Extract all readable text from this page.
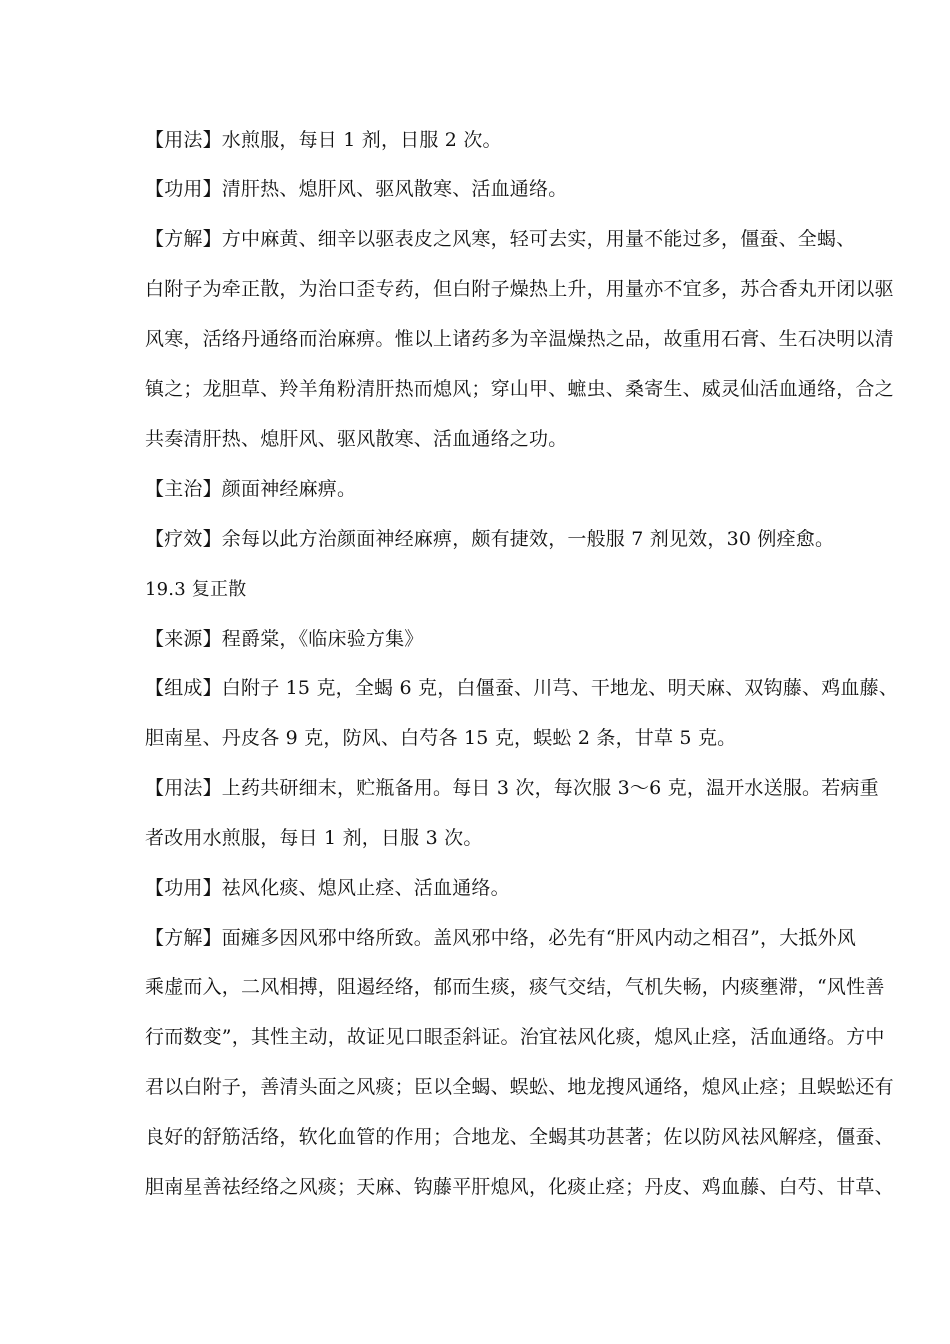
【用法】水煎服，每日 1 剂，日服 2 次。
【功用】清肝热、熄肝风、驱风散寒、活血通络。
【方解】方中麻黄、细辛以驱表皮之风寒，轻可去实，用量不能过多，僵蚕、全蝎、
白附子为牵正散，为治口歪专药，但白附子燥热上升，用量亦不宜多，苏合香丸开闭以驱
风寒，活络丹通络而治麻痹。惟以上诸药多为辛温燥热之品，故重用石膏、生石决明以清
镇之；龙胆草、羚羊角粉清肝热而熄风；穿山甲、蟅虫、桑寄生、威灵仙活血通络，合之
共奏清肝热、熄肝风、驱风散寒、活血通络之功。
【主治】颜面神经麻痹。
【疗效】余每以此方治颜面神经麻痹，颇有捷效，一般服 7 剂见效，30 例痊愈。
19.3 复正散
【来源】程爵棠，《临床验方集》
【组成】白附子 15 克，全蝎 6 克，白僵蚕、川芎、干地龙、明天麻、双钩藤、鸡血藤、
胆南星、丹皮各 9 克，防风、白芍各 15 克，蜈蚣 2 条，甘草 5 克。
【用法】上药共研细末，贮瓶备用。每日 3 次，每次服 3～6 克，温开水送服。若病重
者改用水煎服，每日 1 剂，日服 3 次。
【功用】祛风化痰、熄风止痉、活血通络。
【方解】面瘫多因风邪中络所致。盖风邪中络，必先有“肝风内动之相召”，大抵外风
乘虚而入，二风相搏，阻遏经络，郁而生痰，痰气交结，气机失畅，内痰壅滞，“风性善
行而数变”，其性主动，故证见口眼歪斜证。治宜祛风化痰，熄风止痉，活血通络。方中
君以白附子，善清头面之风痰；臣以全蝎、蜈蚣、地龙搜风通络，熄风止痉；且蜈蚣还有
良好的舒筋活络，软化血管的作用；合地龙、全蝎其功甚著；佐以防风祛风解痉，僵蚕、
胆南星善祛经络之风痰；天麻、钩藤平肝熄风，化痰止痉；丹皮、鸡血藤、白芍、甘草、
